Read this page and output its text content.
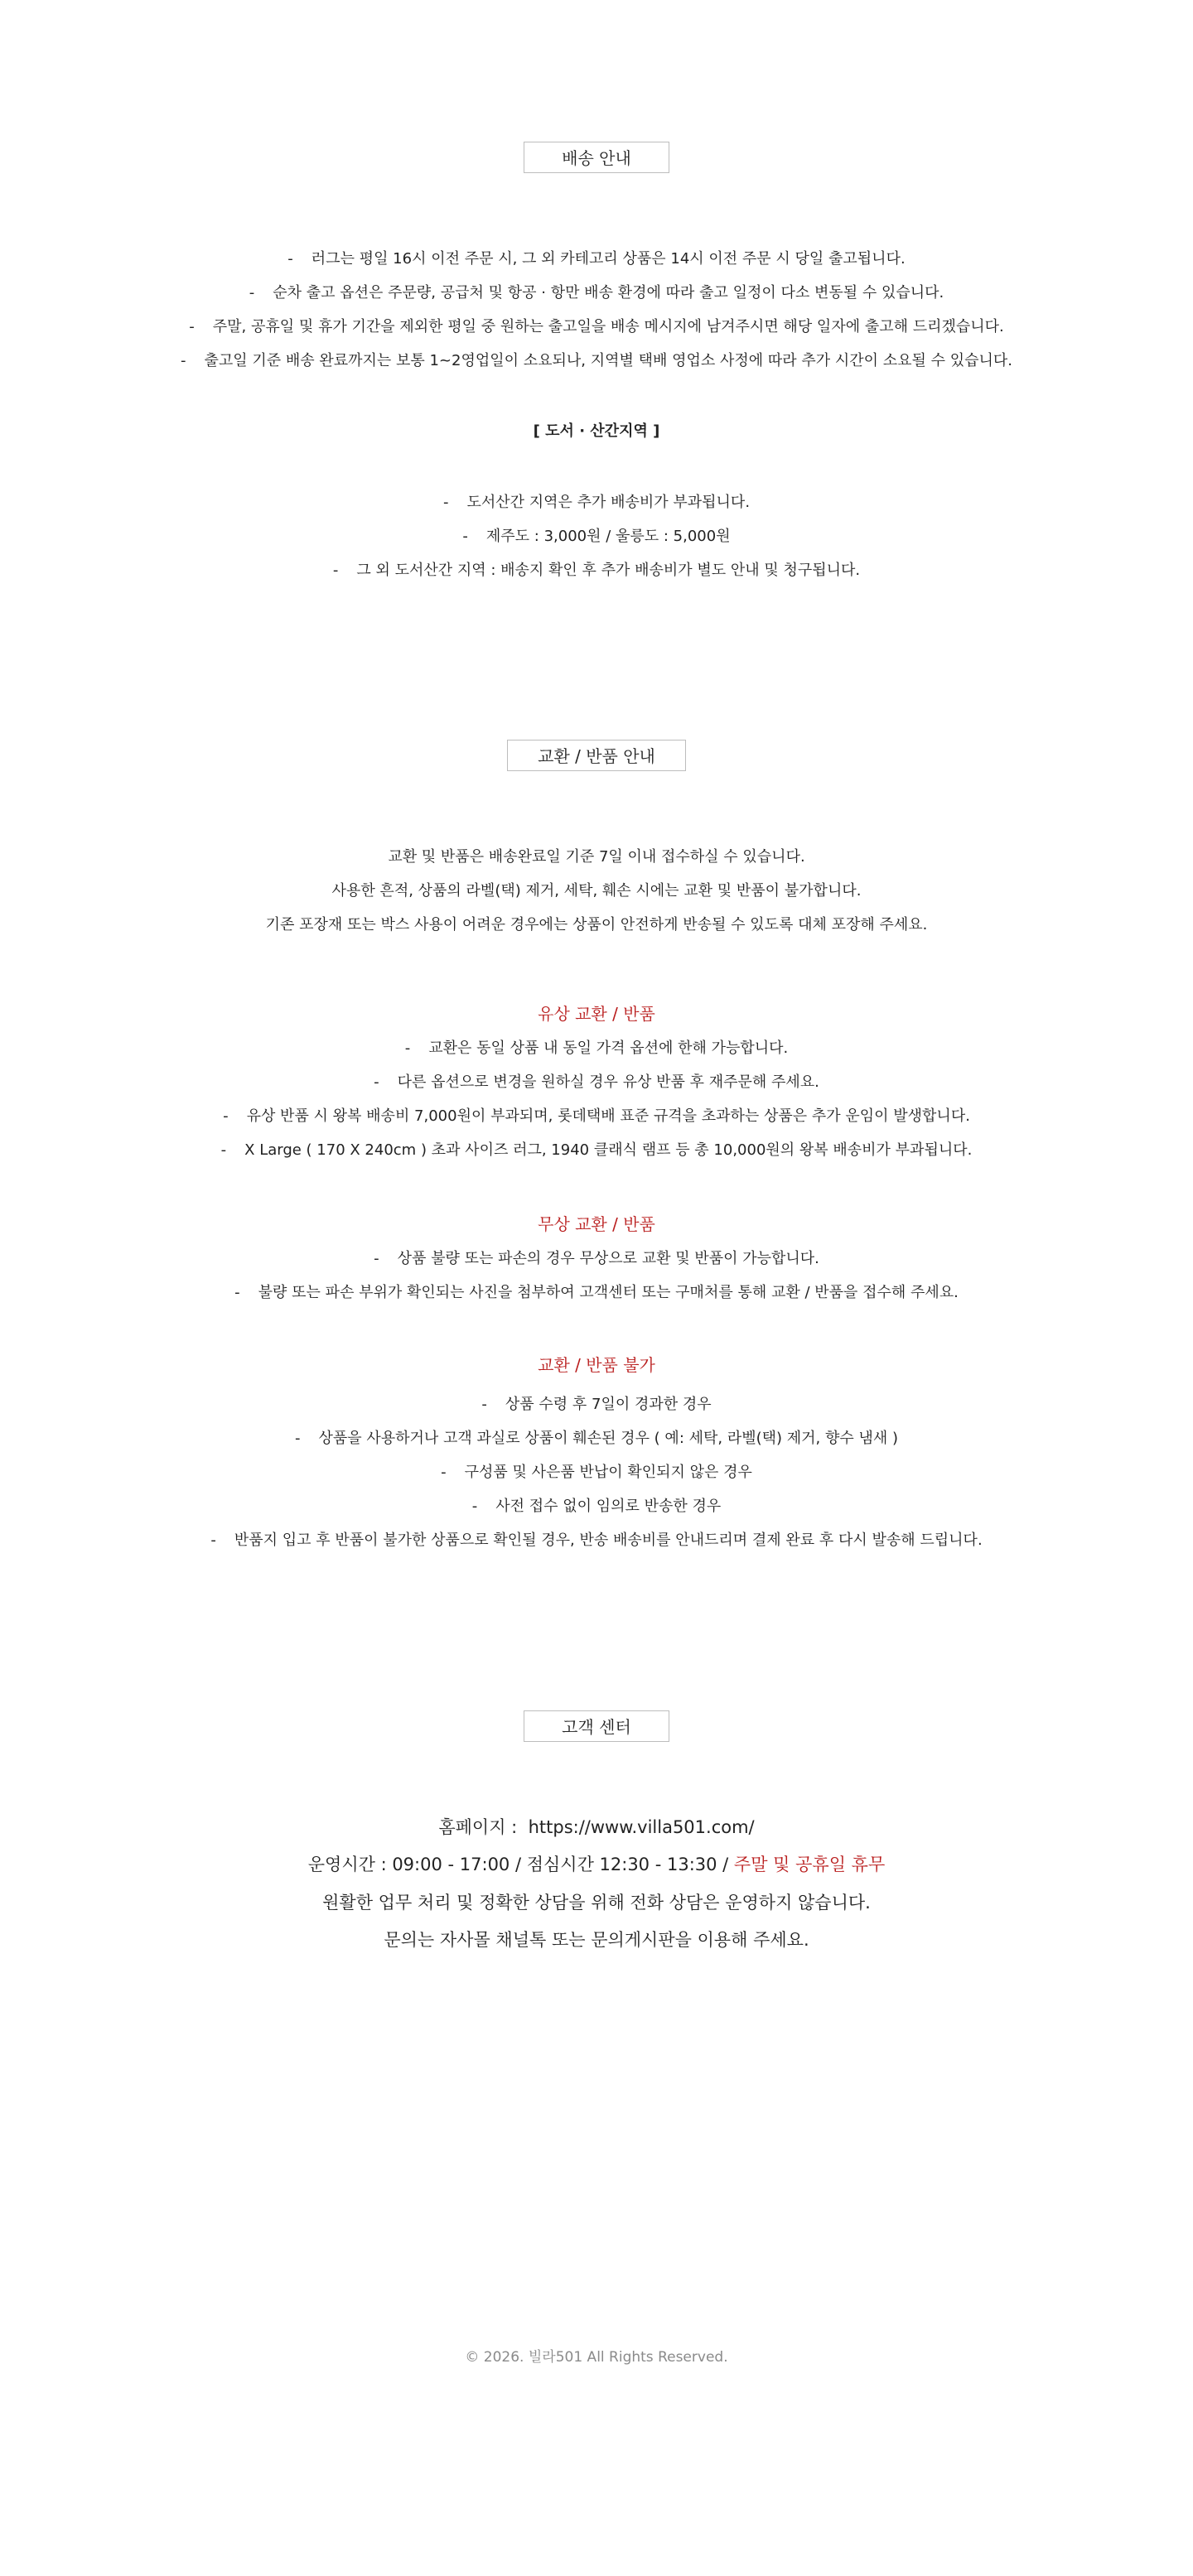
배송 안내
- 러그는 평일 16시 이전 주문 시, 그 외 카테고리 상품은 14시 이전 주문 시 당일 출고됩니다.
- 순차 출고 옵션은 주문량, 공급처 및 항공 · 항만 배송 환경에 따라 출고 일정이 다소 변동될 수 있습니다.
- 주말, 공휴일 및 휴가 기간을 제외한 평일 중 원하는 출고일을 배송 메시지에 남겨주시면 해당 일자에 출고해 드리겠습니다.
- 출고일 기준 배송 완료까지는 보통 1~2영업일이 소요되나, 지역별 택배 영업소 사정에 따라 추가 시간이 소요될 수 있습니다.
[ 도서 · 산간지역 ]
- 도서산간 지역은 추가 배송비가 부과됩니다.
- 제주도 : 3,000원 / 울릉도 : 5,000원
- 그 외 도서산간 지역 : 배송지 확인 후 추가 배송비가 별도 안내 및 청구됩니다.
교환 / 반품 안내
교환 및 반품은 배송완료일 기준 7일 이내 접수하실 수 있습니다.
사용한 흔적, 상품의 라벨(택) 제거, 세탁, 훼손 시에는 교환 및 반품이 불가합니다.
기존 포장재 또는 박스 사용이 어려운 경우에는 상품이 안전하게 반송될 수 있도록 대체 포장해 주세요.
유상 교환 / 반품
- 교환은 동일 상품 내 동일 가격 옵션에 한해 가능합니다.
- 다른 옵션으로 변경을 원하실 경우 유상 반품 후 재주문해 주세요.
- 유상 반품 시 왕복 배송비 7,000원이 부과되며, 롯데택배 표준 규격을 초과하는 상품은 추가 운임이 발생합니다.
- X Large ( 170 X 240cm ) 초과 사이즈 러그, 1940 클래식 램프 등 총 10,000원의 왕복 배송비가 부과됩니다.
무상 교환 / 반품
- 상품 불량 또는 파손의 경우 무상으로 교환 및 반품이 가능합니다.
- 불량 또는 파손 부위가 확인되는 사진을 첨부하여 고객센터 또는 구매처를 통해 교환 / 반품을 접수해 주세요.
교환 / 반품 불가
- 상품 수령 후 7일이 경과한 경우
- 상품을 사용하거나 고객 과실로 상품이 훼손된 경우 ( 예: 세탁, 라벨(택) 제거, 향수 냄새 )
- 구성품 및 사은품 반납이 확인되지 않은 경우
- 사전 접수 없이 임의로 반송한 경우
- 반품지 입고 후 반품이 불가한 상품으로 확인될 경우, 반송 배송비를 안내드리며 결제 완료 후 다시 발송해 드립니다.
고객 센터
홈페이지 :  https://www.villa501.com/
운영시간 : 09:00 - 17:00 / 점심시간 12:30 - 13:30 / 주말 및 공휴일 휴무
원활한 업무 처리 및 정확한 상담을 위해 전화 상담은 운영하지 않습니다.
문의는 자사몰 채널톡 또는 문의게시판을 이용해 주세요.
© 2026. 빌라501 All Rights Reserved.
